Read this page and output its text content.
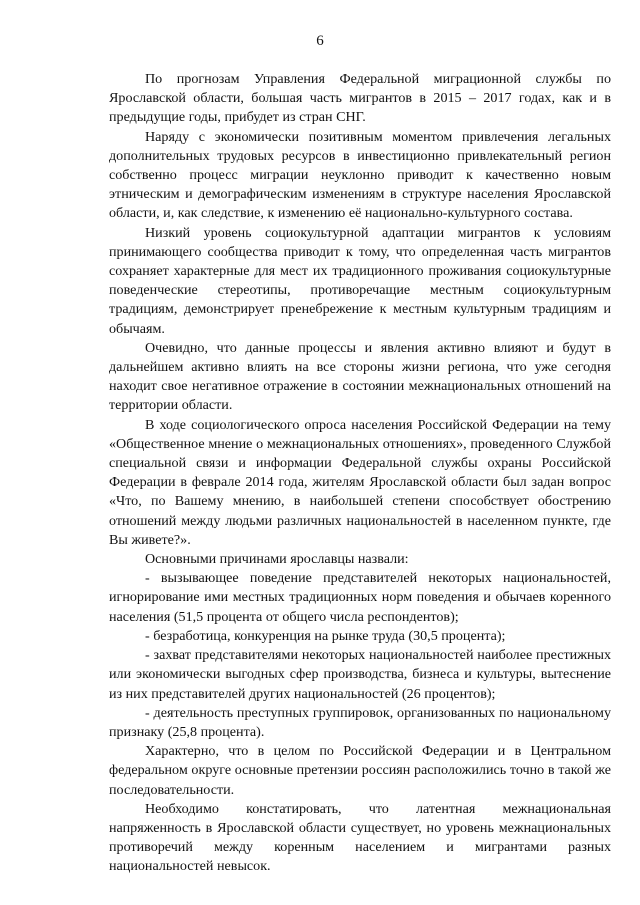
6

По прогнозам Управления Федеральной миграционной службы по Ярославской области, большая часть мигрантов в 2015 – 2017 годах, как и в предыдущие годы, прибудет из стран СНГ.

Наряду с экономически позитивным моментом привлечения легальных дополнительных трудовых ресурсов в инвестиционно привлекательный регион собственно процесс миграции неуклонно приводит к качественно новым этническим и демографическим изменениям в структуре населения Ярославской области, и, как следствие, к изменению её национально-культурного состава.

Низкий уровень социокультурной адаптации мигрантов к условиям принимающего сообщества приводит к тому, что определенная часть мигрантов сохраняет характерные для мест их традиционного проживания социокультурные поведенческие стереотипы, противоречащие местным социокультурным традициям, демонстрирует пренебрежение к местным культурным традициям и обычаям.

Очевидно, что данные процессы и явления активно влияют и будут в дальнейшем активно влиять на все стороны жизни региона, что уже сегодня находит свое негативное отражение в состоянии межнациональных отношений на территории области.

В ходе социологического опроса населения Российской Федерации на тему «Общественное мнение о межнациональных отношениях», проведенного Службой специальной связи и информации Федеральной службы охраны Российской Федерации в феврале 2014 года, жителям Ярославской области был задан вопрос «Что, по Вашему мнению, в наибольшей степени способствует обострению отношений между людьми различных национальностей в населенном пункте, где Вы живете?».

Основными причинами ярославцы назвали:

- вызывающее поведение представителей некоторых национальностей, игнорирование ими местных традиционных норм поведения и обычаев коренного населения (51,5 процента от общего числа респондентов);

- безработица, конкуренция на рынке труда (30,5 процента);

- захват представителями некоторых национальностей наиболее престижных или экономически выгодных сфер производства, бизнеса и культуры, вытеснение из них представителей других национальностей (26 процентов);

- деятельность преступных группировок, организованных по национальному признаку (25,8 процента).

Характерно, что в целом по Российской Федерации и в Центральном федеральном округе основные претензии россиян расположились точно в такой же последовательности.

Необходимо констатировать, что латентная межнациональная напряженность в Ярославской области существует, но уровень межнациональных противоречий между коренным населением и мигрантами разных национальностей невысок.
